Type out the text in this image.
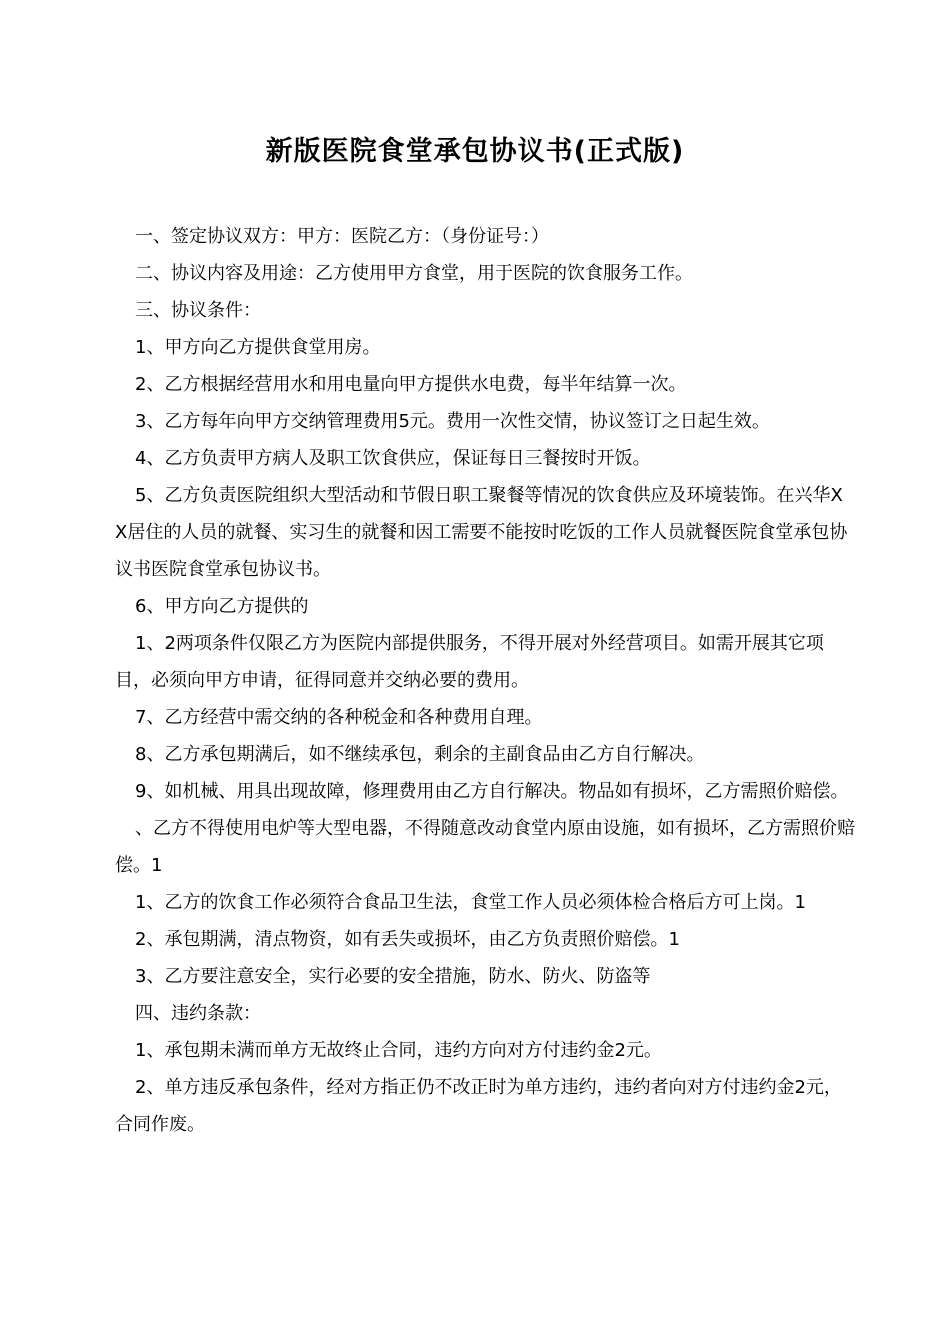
新版医院食堂承包协议书(正式版)

一、签定协议双方：甲方：医院乙方：（身份证号：）

二、协议内容及用途：乙方使用甲方食堂，用于医院的饮食服务工作。

三、协议条件：

1、甲方向乙方提供食堂用房。

2、乙方根据经营用水和用电量向甲方提供水电费，每半年结算一次。

3、乙方每年向甲方交纳管理费用5元。费用一次性交情，协议签订之日起生效。

4、乙方负责甲方病人及职工饮食供应，保证每日三餐按时开饭。

5、乙方负责医院组织大型活动和节假日职工聚餐等情况的饮食供应及环境装饰。在兴华XX居住的人员的就餐、实习生的就餐和因工需要不能按时吃饭的工作人员就餐医院食堂承包协议书医院食堂承包协议书。

6、甲方向乙方提供的

1、2两项条件仅限乙方为医院内部提供服务，不得开展对外经营项目。如需开展其它项目，必须向甲方申请，征得同意并交纳必要的费用。

7、乙方经营中需交纳的各种税金和各种费用自理。

8、乙方承包期满后，如不继续承包，剩余的主副食品由乙方自行解决。

9、如机械、用具出现故障，修理费用由乙方自行解决。物品如有损坏，乙方需照价赔偿。

、乙方不得使用电炉等大型电器，不得随意改动食堂内原由设施，如有损坏，乙方需照价赔偿。1

1、乙方的饮食工作必须符合食品卫生法，食堂工作人员必须体检合格后方可上岗。1

2、承包期满，清点物资，如有丢失或损坏，由乙方负责照价赔偿。1

3、乙方要注意安全，实行必要的安全措施，防水、防火、防盗等

四、违约条款：

1、承包期未满而单方无故终止合同，违约方向对方付违约金2元。

2、单方违反承包条件，经对方指正仍不改正时为单方违约，违约者向对方付违约金2元，合同作废。
